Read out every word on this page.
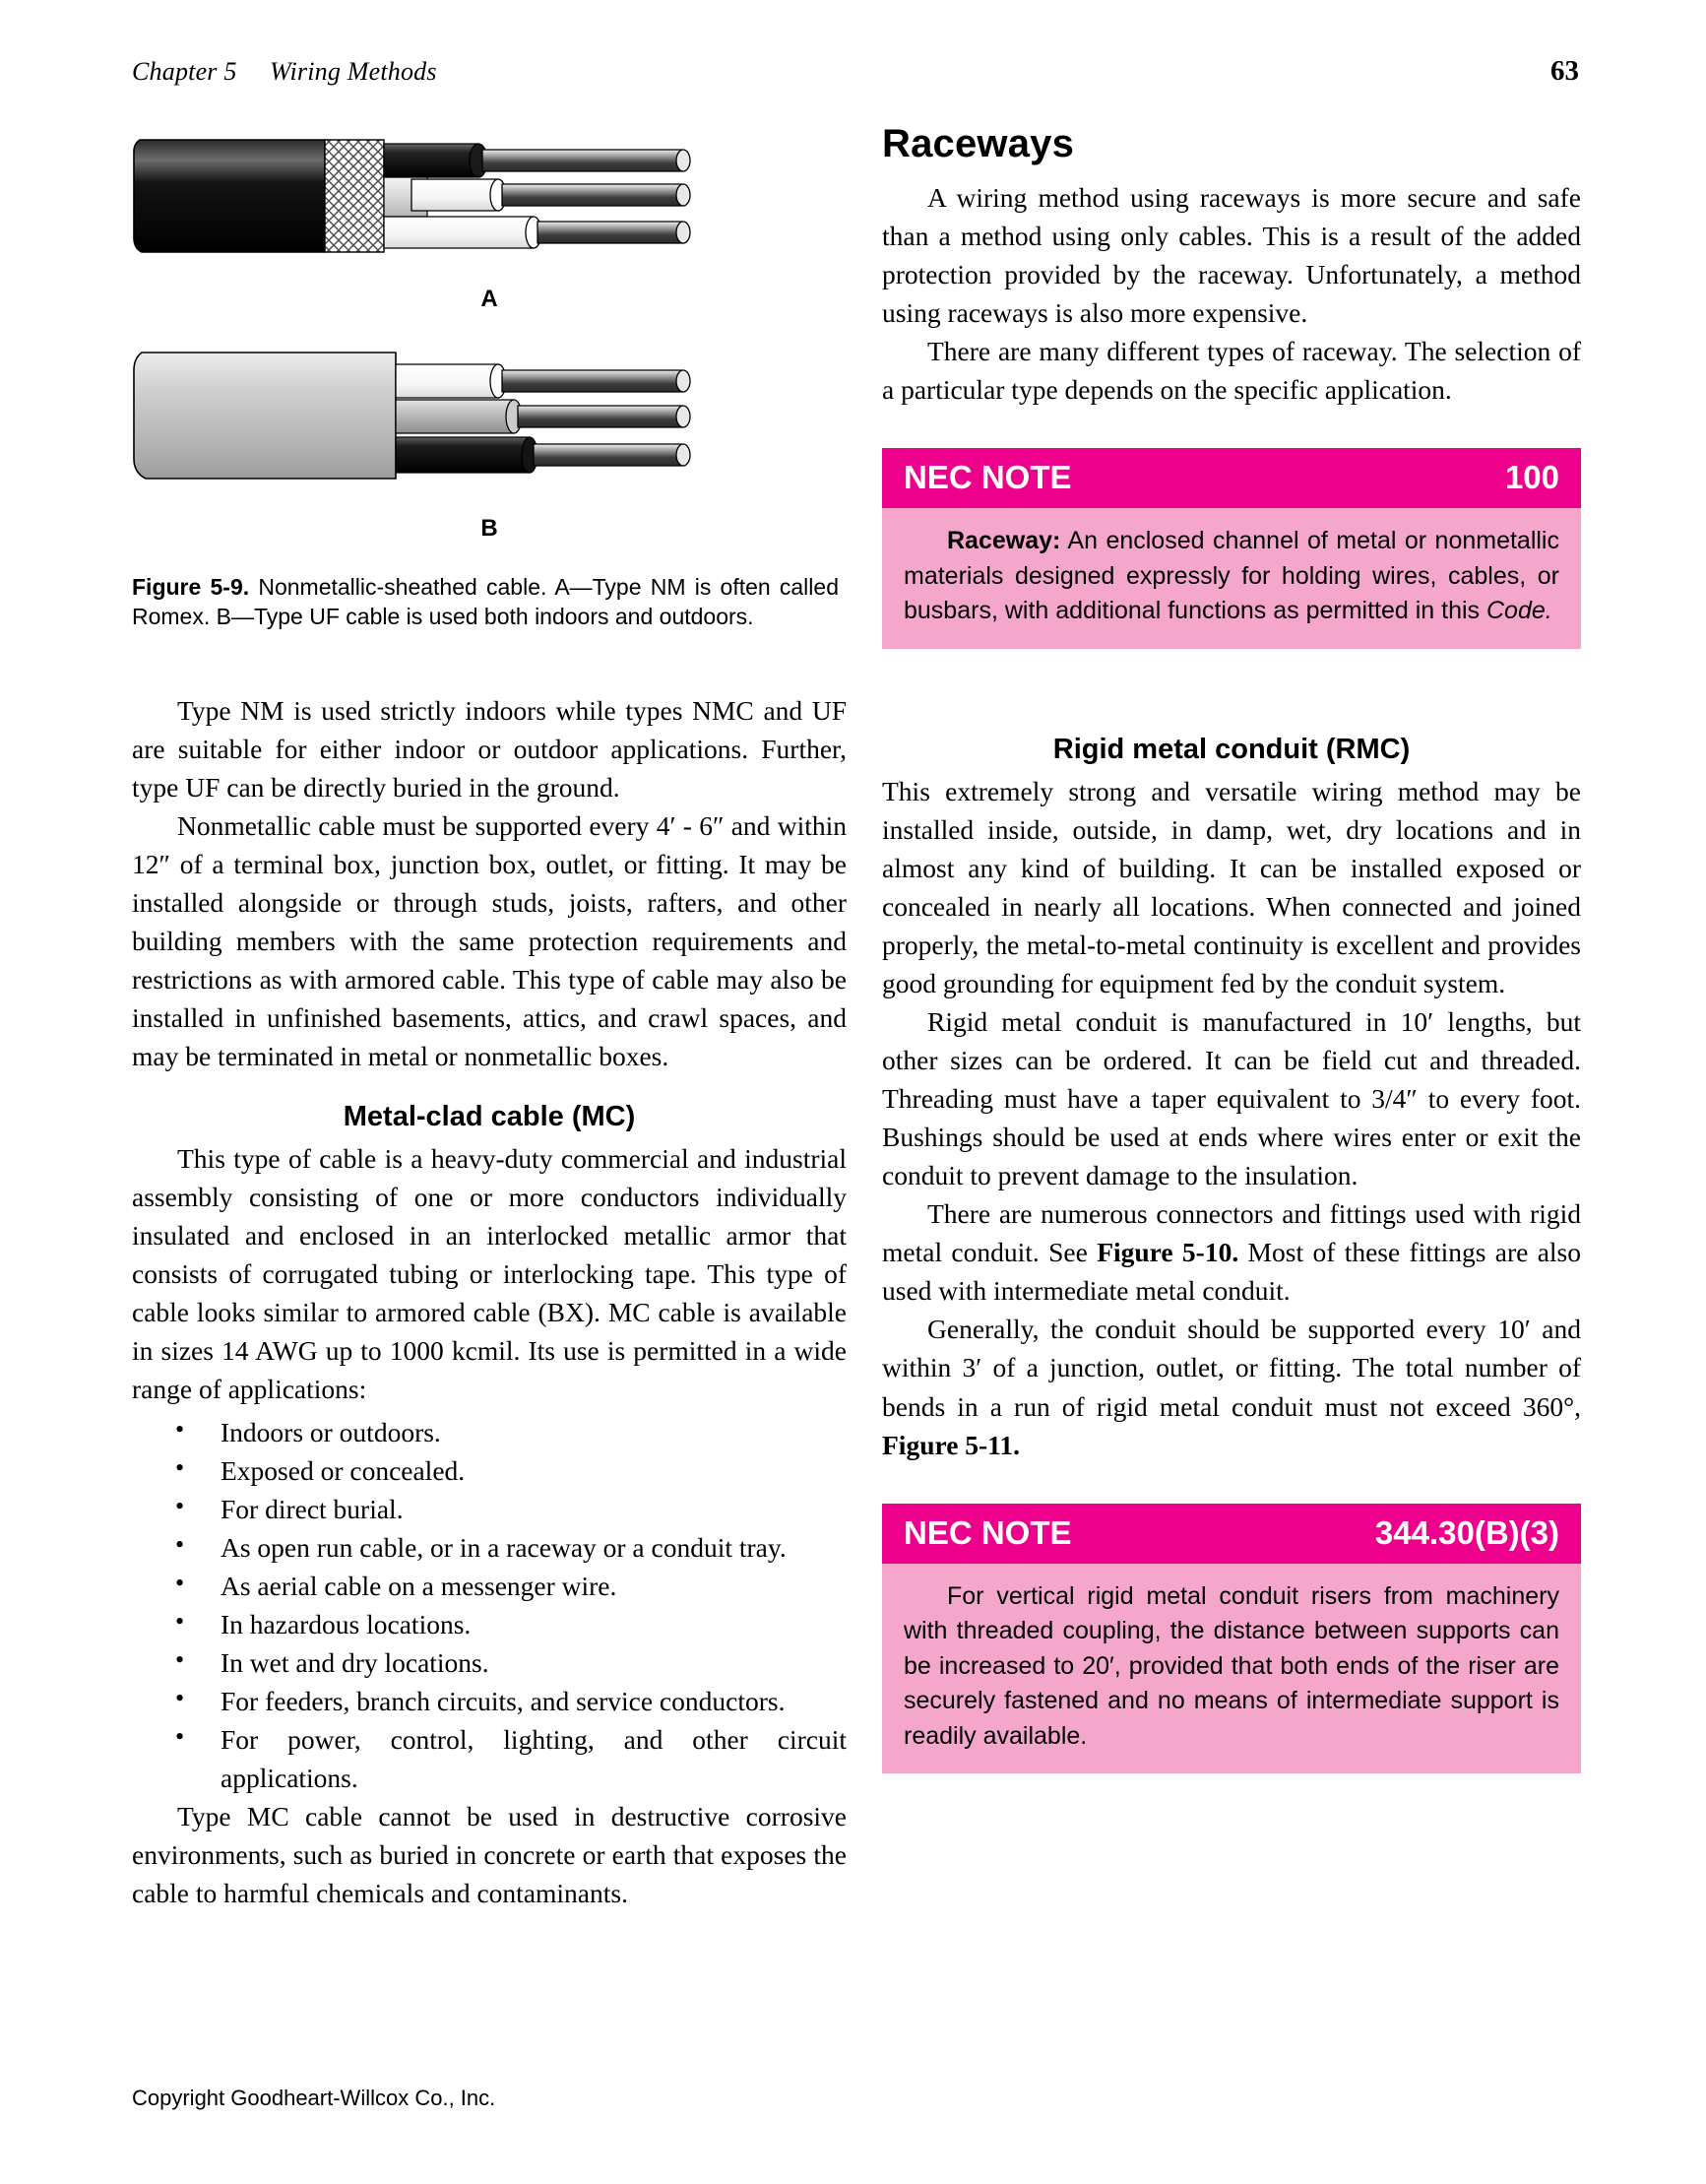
Chapter 5 Wiring Methods	63
A
B
Figure 5-9. Nonmetallic-sheathed cable. A—Type NM is often called Romex. B—Type UF cable is used both indoors and outdoors.

Type NM is used strictly indoors while types NMC and UF are suitable for either indoor or outdoor applications. Further, type UF can be directly buried in the ground.

Nonmetallic cable must be supported every 4′ - 6″ and within 12″ of a terminal box, junction box, outlet, or fitting. It may be installed alongside or through studs, joists, rafters, and other building members with the same protection requirements and restrictions as with armored cable. This type of cable may also be installed in unfinished basements, attics, and crawl spaces, and may be terminated in metal or nonmetallic boxes.

Metal-clad cable (MC)

This type of cable is a heavy-duty commercial and industrial assembly consisting of one or more conductors individually insulated and enclosed in an interlocked metallic armor that consists of corrugated tubing or interlocking tape. This type of cable looks similar to armored cable (BX). MC cable is available in sizes 14 AWG up to 1000 kcmil. Its use is permitted in a wide range of applications:

• Indoors or outdoors.
• Exposed or concealed.
• For direct burial.
• As open run cable, or in a raceway or a conduit tray.
• As aerial cable on a messenger wire.
• In hazardous locations.
• In wet and dry locations.
• For feeders, branch circuits, and service conductors.
• For power, control, lighting, and other circuit applications.

Type MC cable cannot be used in destructive corrosive environments, such as buried in concrete or earth that exposes the cable to harmful chemicals and contaminants.

Raceways

A wiring method using raceways is more secure and safe than a method using only cables. This is a result of the added protection provided by the raceway. Unfortunately, a method using raceways is also more expensive.

There are many different types of raceway. The selection of a particular type depends on the specific application.

NEC NOTE	100
Raceway: An enclosed channel of metal or nonmetallic materials designed expressly for holding wires, cables, or busbars, with additional functions as permitted in this Code.
Rigid metal conduit (RMC)

This extremely strong and versatile wiring method may be installed inside, outside, in damp, wet, dry locations and in almost any kind of building. It can be installed exposed or concealed in nearly all locations. When connected and joined properly, the metal-to-metal continuity is excellent and provides good grounding for equipment fed by the conduit system.

Rigid metal conduit is manufactured in 10′ lengths, but other sizes can be ordered. It can be field cut and threaded. Threading must have a taper equivalent to 3/4″ to every foot. Bushings should be used at ends where wires enter or exit the conduit to prevent damage to the insulation.

There are numerous connectors and fittings used with rigid metal conduit. See Figure 5-10. Most of these fittings are also used with intermediate metal conduit.

Generally, the conduit should be supported every 10′ and within 3′ of a junction, outlet, or fitting. The total number of bends in a run of rigid metal conduit must not exceed 360°, Figure 5-11.

NEC NOTE	344.30(B)(3)
For vertical rigid metal conduit risers from machinery with threaded coupling, the distance between supports can be increased to 20′, provided that both ends of the riser are securely fastened and no means of intermediate support is readily available.
Copyright Goodheart-Willcox Co., Inc.
